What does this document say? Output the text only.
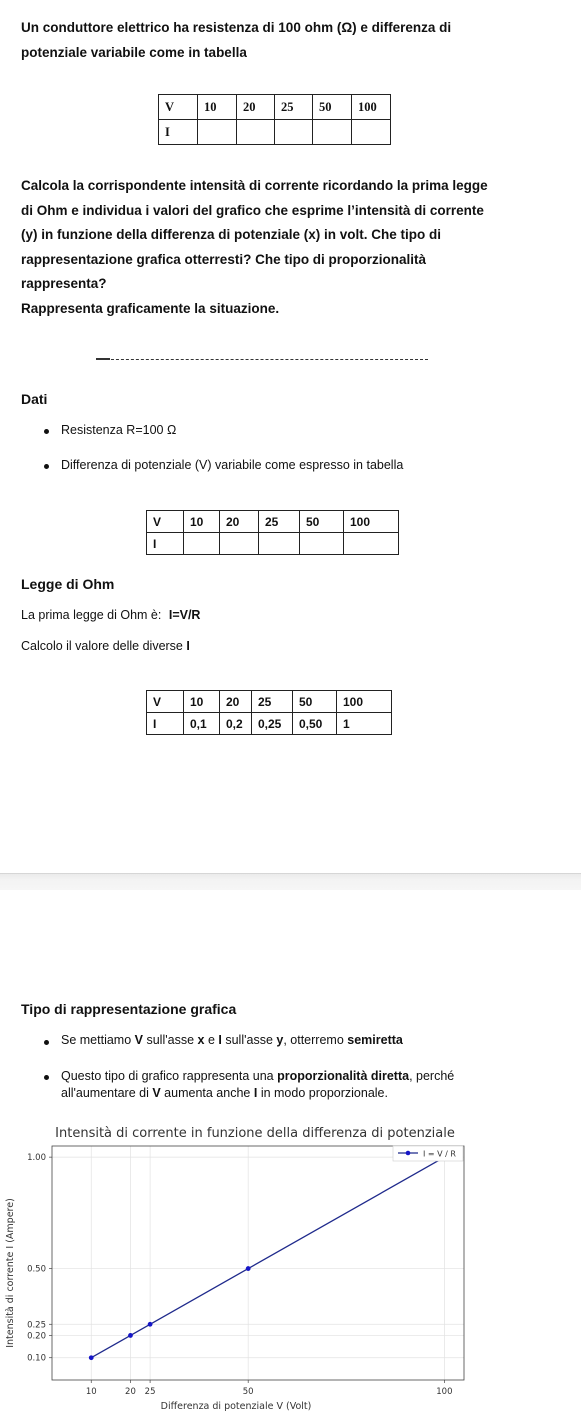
Un conduttore elettrico ha resistenza di 100 ohm (Ω) e differenza di
potenziale variabile come in tabella
V	10	20	25	50	100
I					
Calcola la corrispondente intensità di corrente ricordando la prima legge
di Ohm e individua i valori del grafico che esprime l’intensità di corrente
(y) in funzione della differenza di potenziale (x) in volt. Che tipo di
rappresentazione grafica otterresti? Che tipo di proporzionalità
rappresenta?
Rappresenta graficamente la situazione.
Dati
Resistenza R=100 Ω
Differenza di potenziale (V) variabile come espresso in tabella
V	10	20	25	50	100
I					
Legge di Ohm
La prima legge di Ohm è: I=V/R
Calcolo il valore delle diverse I
V	10	20	25	50	100
I	0,1	0,2	0,25	0,50	1
Tipo di rappresentazione grafica
Se mettiamo V sull'asse x e I sull'asse y, otterremo semiretta
Questo tipo di grafico rappresenta una proporzionalità diretta, perché
all'aumentare di V aumenta anche I in modo proporzionale.
Intensità di corrente in funzione della differenza di potenziale
10	20 25	50	100
0.10
0.20
0.25
0.50
1.00	I = V / R
Differenza di potenziale V (Volt)
Intensità di corrente I (Ampere)
